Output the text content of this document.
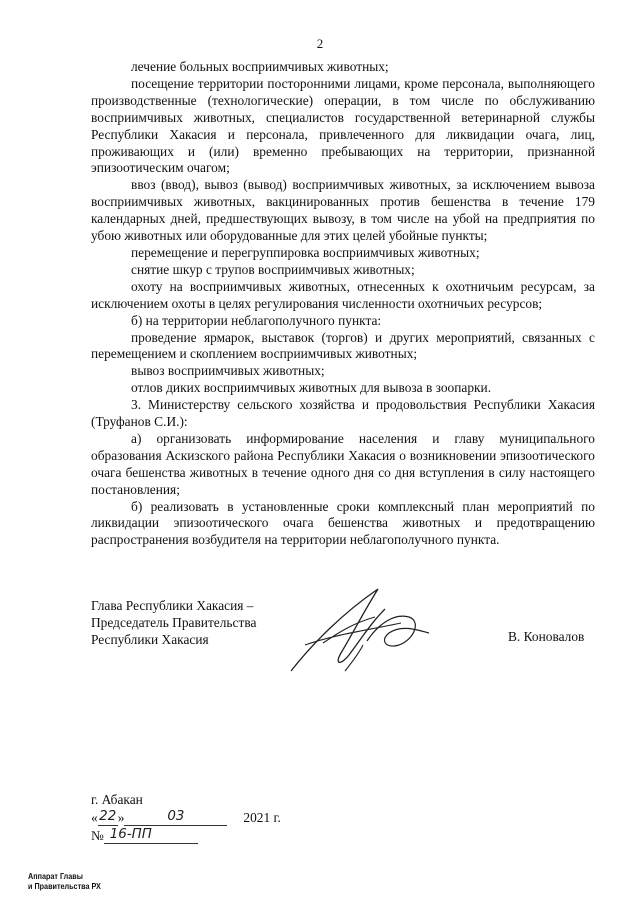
2

лечение больных восприимчивых животных;

посещение территории посторонними лицами, кроме персонала, выполняющего производственные (технологические) операции, в том числе по обслуживанию восприимчивых животных, специалистов государственной ветеринарной службы Республики Хакасия и персонала, привлеченного для ликвидации очага, лиц, проживающих и (или) временно пребывающих на территории, признанной эпизоотическим очагом;

ввоз (ввод), вывоз (вывод) восприимчивых животных, за исключением вывоза восприимчивых животных, вакцинированных против бешенства в течение 179 календарных дней, предшествующих вывозу, в том числе на убой на предприятия по убою животных или оборудованные для этих целей убойные пункты;

перемещение и перегруппировка восприимчивых животных;

снятие шкур с трупов восприимчивых животных;

охоту на восприимчивых животных, отнесенных к охотничьим ресурсам, за исключением охоты в целях регулирования численности охотничьих ресурсов;

б) на территории неблагополучного пункта:

проведение ярмарок, выставок (торгов) и других мероприятий, связанных с перемещением и скоплением восприимчивых животных;

вывоз восприимчивых животных;

отлов диких восприимчивых животных для вывоза в зоопарки.

3. Министерству сельского хозяйства и продовольствия Республики Хакасия (Труфанов С.И.):

а) организовать информирование населения и главу муниципального образования Аскизского района Республики Хакасия о возникновении эпизоотического очага бешенства животных в течение одного дня со дня вступления в силу настоящего постановления;

б) реализовать в установленные сроки комплексный план мероприятий по ликвидации эпизоотического очага бешенства животных и предотвращению распространения возбудителя на территории неблагополучного пункта.

Глава Республики Хакасия –
Председатель Правительства
Республики Хакасия	В. Коновалов
г. Абакан
« 22 »	03	2021 г.
№ 16-ПП
Аппарат Главы
и Правительства РХ
